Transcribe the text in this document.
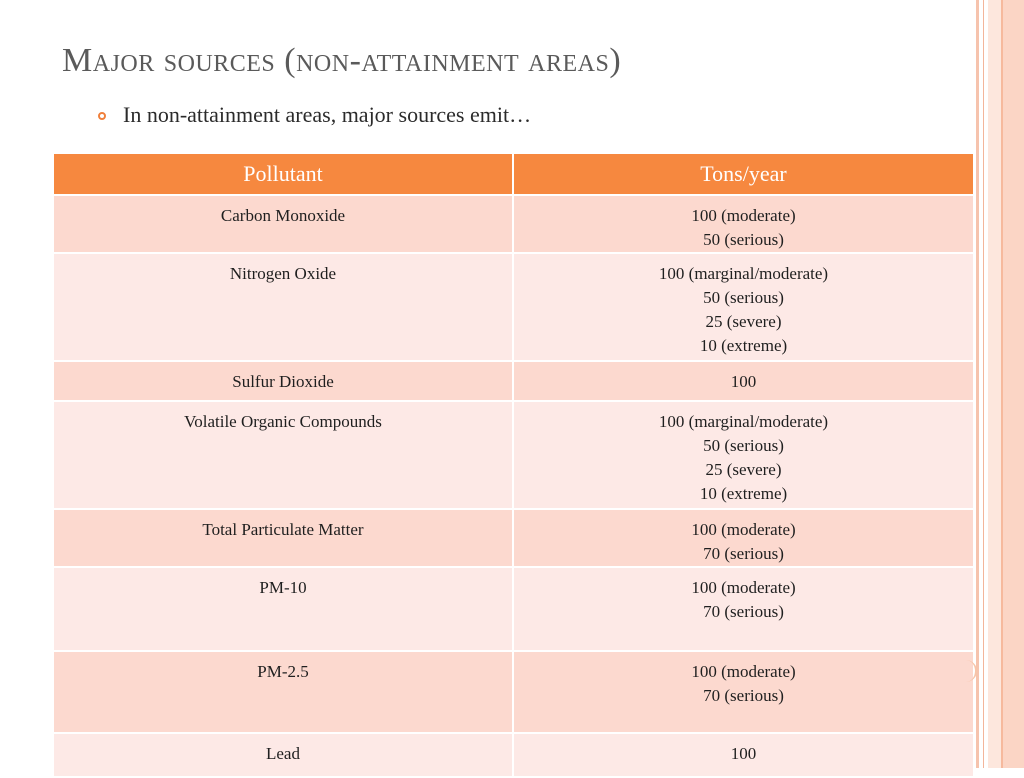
Major sources (non-attainment areas)
In non-attainment areas, major sources emit…
Pollutant	Tons/year
Carbon Monoxide	100 (moderate)
50 (serious)

Nitrogen Oxide	100 (marginal/moderate)
50 (serious)
25 (severe)
10 (extreme)

Sulfur Dioxide	100

Volatile Organic Compounds	100 (marginal/moderate)
50 (serious)
25 (severe)
10 (extreme)

Total Particulate Matter	100 (moderate)
70 (serious)

PM-10	100 (moderate)
70 (serious)

PM-2.5	100 (moderate)
70 (serious)

Lead	100
